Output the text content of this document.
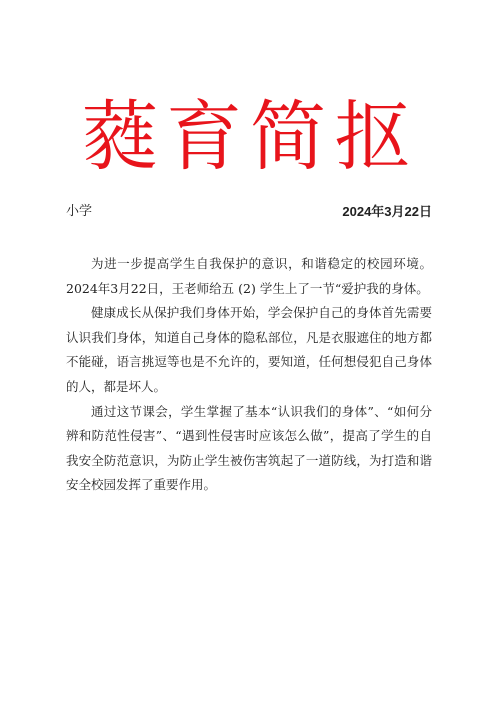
蕤育简抠
小学	2024年3月22日

为进一步提高学生自我保护的意识，和谐稳定的校园环境。2024年3月22日，王老师给五 (2) 学生上了一节“爱护我的身体。

健康成长从保护我们身体开始，学会保护自己的身体首先需要认识我们身体，知道自己身体的隐私部位，凡是衣服遮住的地方都不能碰，语言挑逗等也是不允许的，要知道，任何想侵犯自己身体的人，都是坏人。

通过这节课会，学生掌握了基本“认识我们的身体”、“如何分辨和防范性侵害”、“遇到性侵害时应该怎么做”，提高了学生的自我安全防范意识，为防止学生被伤害筑起了一道防线，为打造和谐安全校园发挥了重要作用。
